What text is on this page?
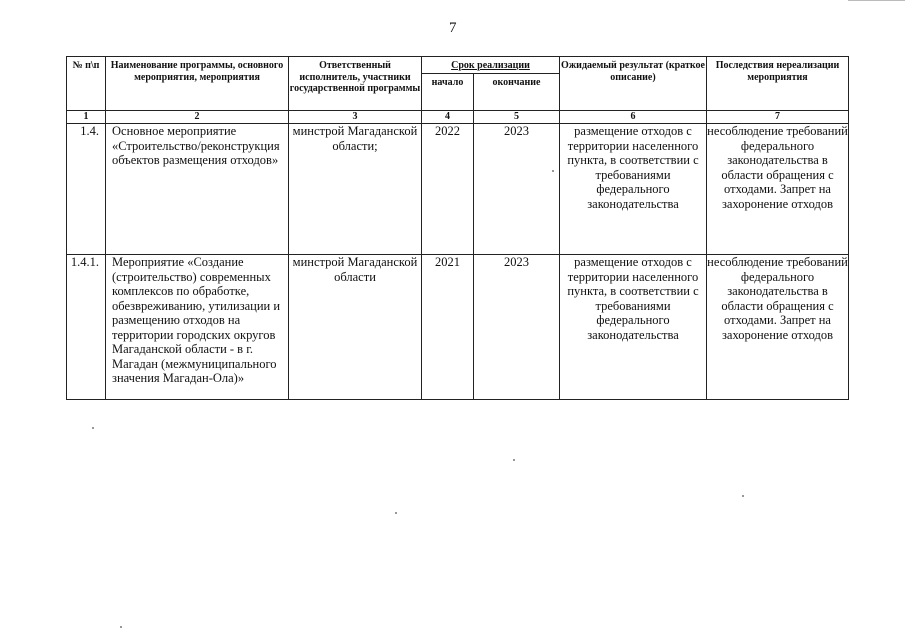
7
№ п\п	Наименование программы, основного мероприятия, мероприятия	Ответственный исполнитель, участники государственной программы	Срок реализации		Ожидаемый результат (краткое описание)	Последствия нереализации мероприятия
			начало	окончание		
1	2	3	4	5	6	7
1.4.	Основное мероприятие «Строительство/реконструкция объектов размещения отходов»	минстрой Магаданской области;	2022	2023	размещение отходов с территории населенного пункта, в соответствии с требованиями федерального законодательства	несоблюдение требований федерального законодательства в области обращения с отходами. Запрет на захоронение отходов
1.4.1.	Мероприятие «Создание (строительство) современных комплексов по обработке, обезвреживанию, утилизации и размещению отходов на территории городских округов Магаданской области - в г. Магадан (межмуниципального значения Магадан-Ола)»	минстрой Магаданской области	2021	2023	размещение отходов с территории населенного пункта, в соответствии с требованиями федерального законодательства	несоблюдение требований федерального законодательства в области обращения с отходами. Запрет на захоронение отходов
